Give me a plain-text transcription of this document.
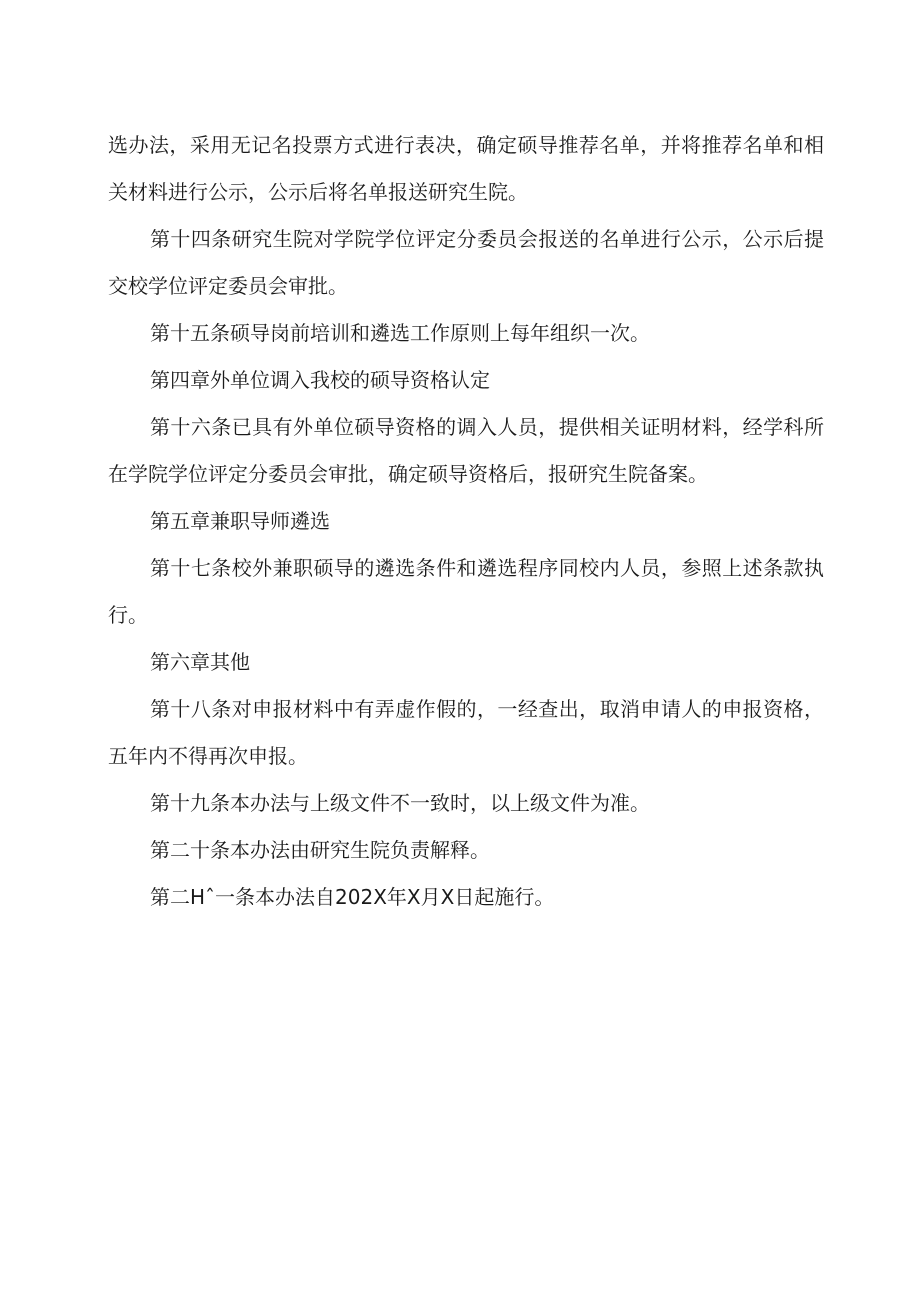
选办法，采用无记名投票方式进行表决，确定硕导推荐名单，并将推荐名单和相关材料进行公示，公示后将名单报送研究生院。

第十四条研究生院对学院学位评定分委员会报送的名单进行公示，公示后提交校学位评定委员会审批。

第十五条硕导岗前培训和遴选工作原则上每年组织一次。

第四章外单位调入我校的硕导资格认定

第十六条已具有外单位硕导资格的调入人员，提供相关证明材料，经学科所在学院学位评定分委员会审批，确定硕导资格后，报研究生院备案。

第五章兼职导师遴选

第十七条校外兼职硕导的遴选条件和遴选程序同校内人员，参照上述条款执行。

第六章其他

第十八条对申报材料中有弄虚作假的，一经查出，取消申请人的申报资格，五年内不得再次申报。

第十九条本办法与上级文件不一致时，以上级文件为准。

第二十条本办法由研究生院负责解释。

第二Hˆ一条本办法自202X年X月X日起施行。
